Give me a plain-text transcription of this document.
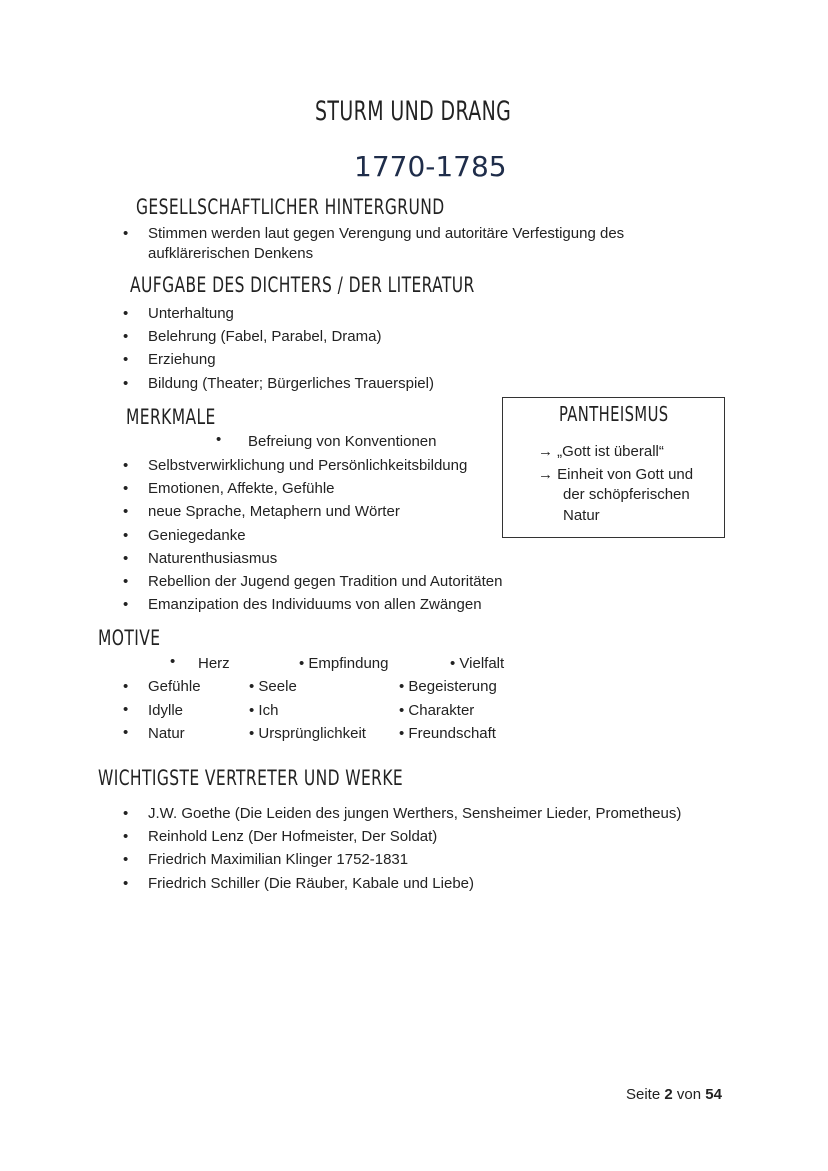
STURM UND DRANG
1770-1785
GESELLSCHAFTLICHER HINTERGRUND
• Stimmen werden laut gegen Verengung und autoritäre Verfestigung des
aufklärerischen Denkens
AUFGABE DES DICHTERS / DER LITERATUR
• Unterhaltung
• Belehrung (Fabel, Parabel, Drama)
• Erziehung
• Bildung (Theater; Bürgerliches Trauerspiel)
MERKMALE
• Befreiung von Konventionen
• Selbstverwirklichung und Persönlichkeitsbildung
• Emotionen, Affekte, Gefühle
• neue Sprache, Metaphern und Wörter
• Geniegedanke
• Naturenthusiasmus
• Rebellion der Jugend gegen Tradition und Autoritäten
• Emanzipation des Individuums von allen Zwängen
PANTHEISMUS
→ „Gott ist überall“
→ Einheit von Gott und
der schöpferischen
Natur
MOTIVE
• Herz
• Gefühle
• Idylle
• Natur
• Empfindung
• Seele
• Ich
• Ursprünglichkeit
• Vielfalt
• Begeisterung
• Charakter
• Freundschaft
WICHTIGSTE VERTRETER UND WERKE
• J.W. Goethe (Die Leiden des jungen Werthers, Sensheimer Lieder, Prometheus)
• Reinhold Lenz (Der Hofmeister, Der Soldat)
• Friedrich Maximilian Klinger 1752-1831
• Friedrich Schiller (Die Räuber, Kabale und Liebe)
Seite 2 von 54
